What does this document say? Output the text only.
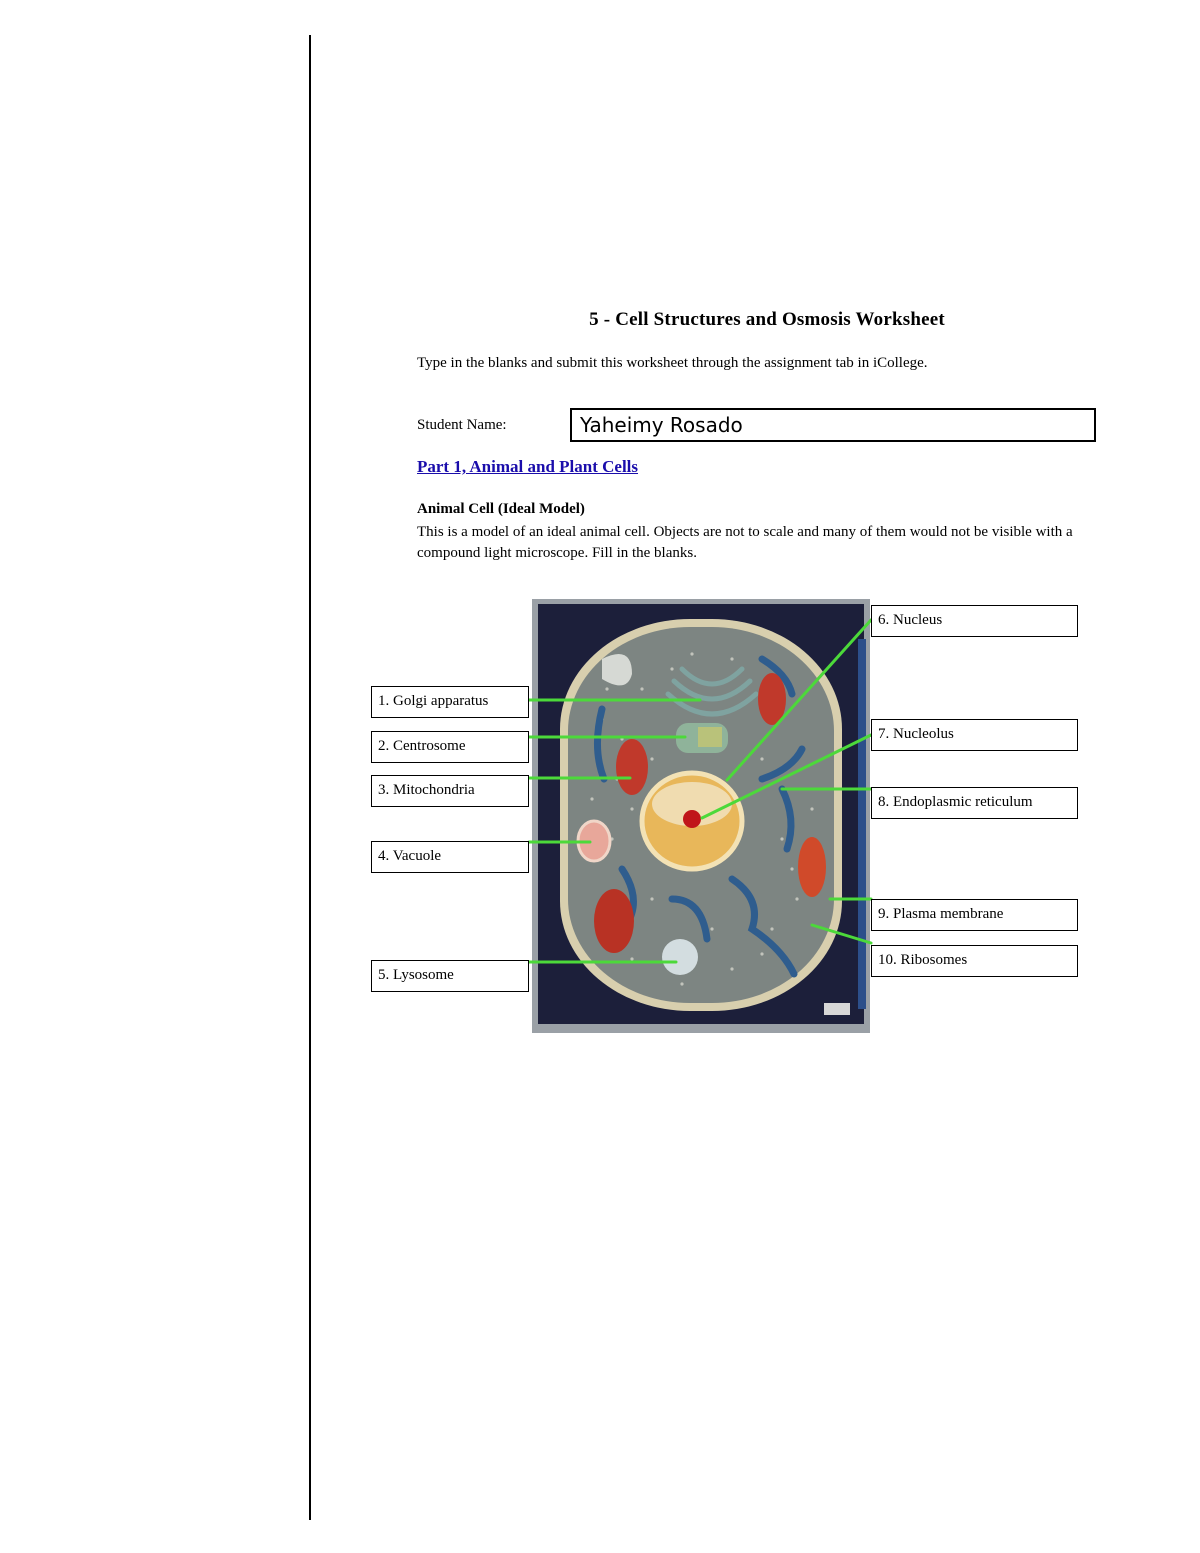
5 - Cell Structures and Osmosis Worksheet
Type in the blanks and submit this worksheet through the assignment tab in iCollege.
Student Name:
Yaheimy Rosado
Part 1, Animal and Plant Cells
Animal Cell (Ideal Model)
This is a model of an ideal animal cell. Objects are not to scale and many of them would not be visible with a compound light microscope. Fill in the blanks.
1. Golgi apparatus
2. Centrosome
3. Mitochondria
4. Vacuole
5. Lysosome
6. Nucleus
7. Nucleolus
8. Endoplasmic reticulum
9. Plasma membrane
10. Ribosomes
